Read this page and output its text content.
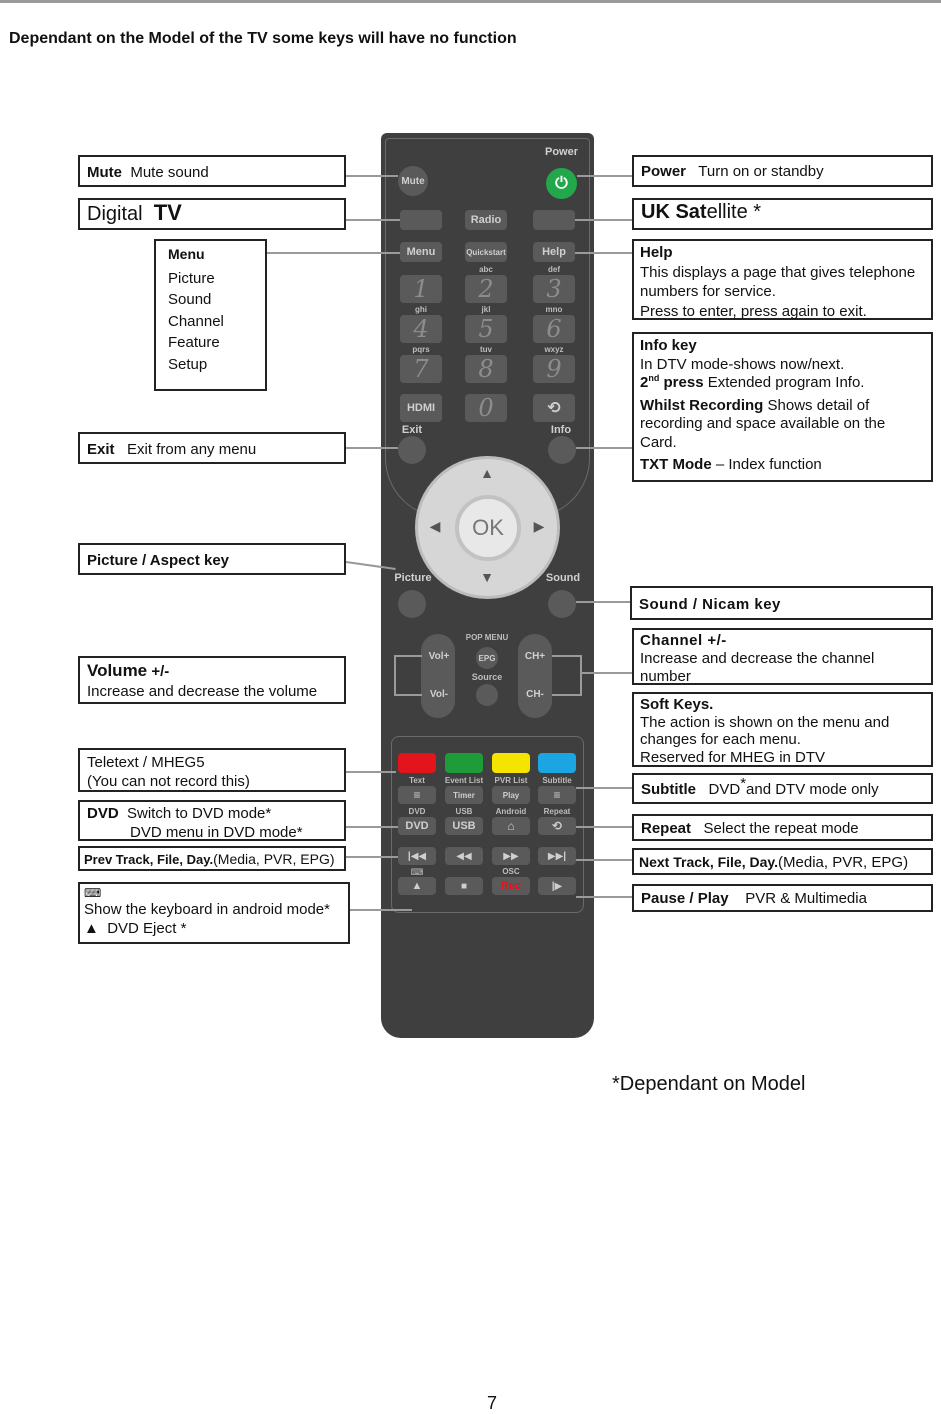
Dependant on the Model of the TV some keys will have no function
Power
⏻
Mute
Radio
Menu	Quickstart	Help
abc	def
1 2 3
ghi	jkl	mno
4 5 6
pqrs	tuv	wxyz
7 8 9
HDMI 0	⟲
Exit	Info
OK
▲
▼
◀	▶
Picture	Sound
POP MENU
Vol+
Vol-
EPG
Source
CH+
CH-
Text	Event List	PVR List	Subtitle
≡	Timer	Play	≡
DVD	USB	Android	Repeat
DVD USB	⌂	⟲
|◀◀	◀◀	▶▶	▶▶|
⌨	OSC
▲	■	Rec	|▶
Mute Mute sound
Digital TV
Menu
Picture
Sound
Channel
Feature
Setup
Exit Exit from any menu
Picture / Aspect key
Volume +/-
Increase and decrease the volume
Teletext / MHEG5
(You can not record this)
DVD Switch to DVD mode*
DVD menu in DVD mode*
Prev Track, File, Day.(Media, PVR, EPG)
⌨
Show the keyboard in android mode*
▲ DVD Eject *
Power Turn on or standby
UK Satellite *
Help
This displays a page that gives telephone
numbers for service.
Press to enter, press again to exit.
Info key
In DTV mode-shows now/next.
2nd press Extended program Info.
Whilst Recording Shows detail of
recording and space available on the
Card.
TXT Mode – Index function
Sound / Nicam key
Channel +/-
Increase and decrease the channel
number
Soft Keys.
The action is shown on the menu and
changes for each menu.
Reserved for MHEG in DTV
Subtitle DVD*and DTV mode only
Repeat Select the repeat mode
Next Track, File, Day.(Media, PVR, EPG)
Pause / Play PVR & Multimedia
*Dependant on Model
7
